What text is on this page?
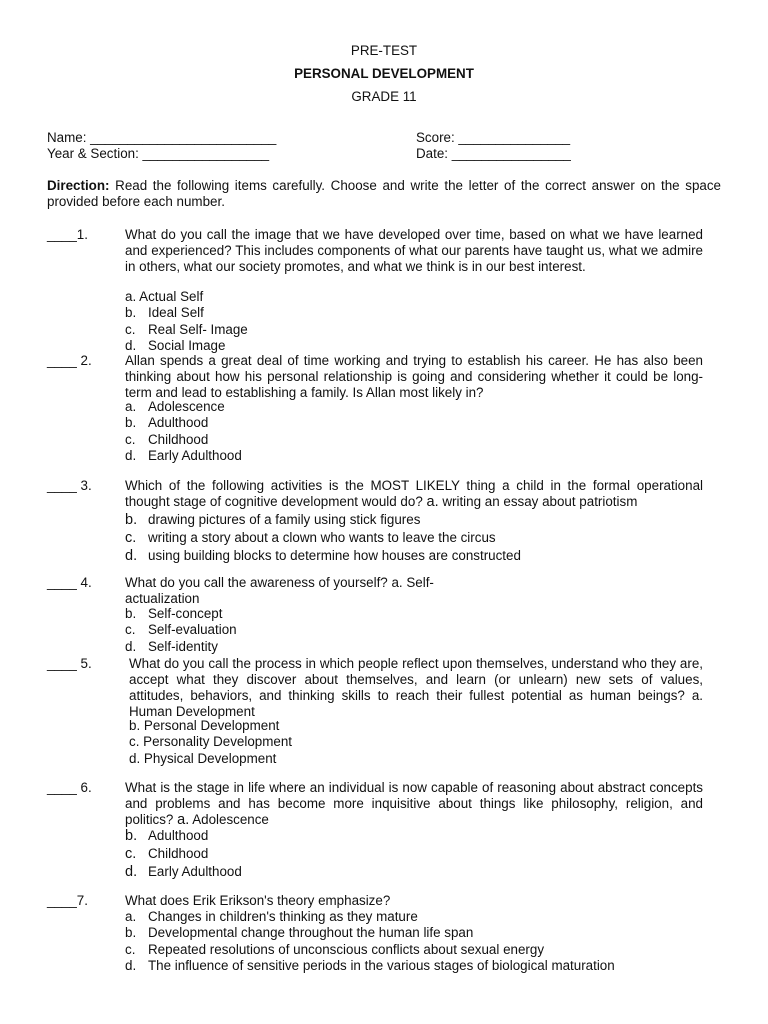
PRE-TEST
PERSONAL DEVELOPMENT
GRADE 11
Name: _________________________	Score: _______________
Year & Section: _________________	Date: ________________
Direction: Read the following items carefully. Choose and write the letter of the correct answer on the space provided before each number.
____1.	What do you call the image that we have developed over time, based on what we have learned and experienced? This includes components of what our parents have taught us, what we admire in others, what our society promotes, and what we think is in our best interest.
a. Actual Self
b. Ideal Self
c. Real Self- Image
d. Social Image
____ 2. Allan spends a great deal of time working and trying to establish his career. He has also been thinking about how his personal relationship is going and considering whether it could be long-term and lead to establishing a family. Is Allan most likely in?
a. Adolescence
b. Adulthood
c. Childhood
d. Early Adulthood
____ 3. Which of the following activities is the MOST LIKELY thing a child in the formal operational thought stage of cognitive development would do? a. writing an essay about patriotism
b. drawing pictures of a family using stick figures
c. writing a story about a clown who wants to leave the circus
d. using building blocks to determine how houses are constructed
____ 4. What do you call the awareness of yourself? a. Self-
actualization
b. Self-concept
c. Self-evaluation
d. Self-identity
____ 5.	What do you call the process in which people reflect upon themselves, understand who they are, accept what they discover about themselves, and learn (or unlearn) new sets of values, attitudes, behaviors, and thinking skills to reach their fullest potential as human beings? a. Human Development
b. Personal Development
c. Personality Development
d. Physical Development
____ 6. What is the stage in life where an individual is now capable of reasoning about abstract concepts and problems and has become more inquisitive about things like philosophy, religion, and politics? a. Adolescence
b. Adulthood
c. Childhood
d. Early Adulthood
____7.	What does Erik Erikson's theory emphasize?
a. Changes in children's thinking as they mature
b. Developmental change throughout the human life span
c. Repeated resolutions of unconscious conflicts about sexual energy
d. The influence of sensitive periods in the various stages of biological maturation
